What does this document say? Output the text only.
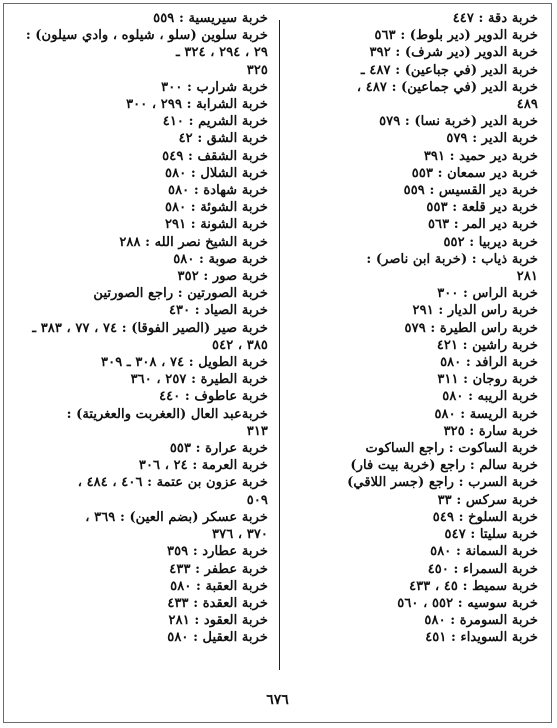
خربة دقة : ٤٤٧

خربة الدوير (دير بلوط) : ٥٦٣

خربة الدوير (دير شرف) : ٣٩٢

خربة الدير (في جباعين) : ٤٨٧ ـ

خربة الدير (في جماعين) : ٤٨٧ ،

٤٨٩

خربة الدير (خربة نسا) : ٥٧٩

خربة الدير : ٥٧٩

خربة دير حميد : ٣٩١

خربة دير سمعان : ٥٥٣

خربة دير القسيس : ٥٥٩

خربة دير قلعة : ٥٥٣

خربة دير المر : ٥٦٣

خربة ديربيا : ٥٥٢

خربة ذياب : (خربة ابن ناصر) :

٢٨١

خربة الراس : ٣٠٠

خربة راس الديار : ٢٩١

خربة راس الطيرة : ٥٧٩

خربة راشين : ٤٢١

خربة الرافد : ٥٨٠

خربة روجان : ٣١١

خربة الريبه : ٥٨٠

خربة الريسة : ٥٨٠

خربة سارة : ٣٢٥

خربة الساكوت : راجع الساكوت

خربة سالم : راجع (خربة بيت فار)

خربة السرب : راجع (جسر اللاقي)

خربة سركس : ٣٣

خربة السلوخ : ٥٤٩

خربة سليتا : ٥٤٧

خربة السمانة : ٥٨٠

خربة السمراء : ٤٥٠

خربة سميط : ٤٥ ، ٤٣٣

خربة سوسيه : ٥٥٢ ، ٥٦٠

خربة السومرة : ٥٨٠

خربة السويداء : ٤٥١

خربة سيريسية : ٥٥٩

خربة سلوين (سلو ، شيلوه ، وادي سيلون) : ٢٩ ، ٢٩٤ ، ٣٢٤ ـ

٣٢٥

خربة شرارب : ٣٠٠

خربة الشرابة : ٢٩٩ ، ٣٠٠

خربة الشريم : ٤١٠

خربة الشق : ٤٢

خربة الشقف : ٥٤٩

خربة الشلال : ٥٨٠

خربة شهادة : ٥٨٠

خربة الشوئة : ٥٨٠

خربة الشونة : ٢٩١

خربة الشيخ نصر الله : ٢٨٨

خربة صوبة : ٥٨٠

خربة صور : ٣٥٢

خربة الصورتين : راجع الصورتين

خربة الصياد : ٤٣٠

خربة صير (الصير الفوقا) : ٧٤ ، ٧٧ ، ٣٨٣ ـ ٣٨٥ ، ٥٤٢

خربة الطويل : ٧٤ ، ٣٠٨ ـ ٣٠٩

خربة الطيرة : ٢٥٧ ، ٣٦٠

خربة عاطوف : ٤٤٠

خربةعبد العال (العغربت والعغريتة) :

٣١٣

خربة عرارة : ٥٥٣

خربة العرمة : ٢٤ ، ٣٠٦

خربة عزون بن عتمة : ٤٠٦ ، ٤٨٤ ،

٥٠٩

خربة عسكر (بضم العين) : ٣٦٩ ،

٣٧٠ ، ٣٧٦

خربة عطارد : ٣٥٩

خربة عطفر : ٤٣٣

خربة العقبة : ٥٨٠

خربة العقدة : ٤٣٣

خربة العقود : ٢٨١

خربة العقيل : ٥٨٠

٦٧٦
